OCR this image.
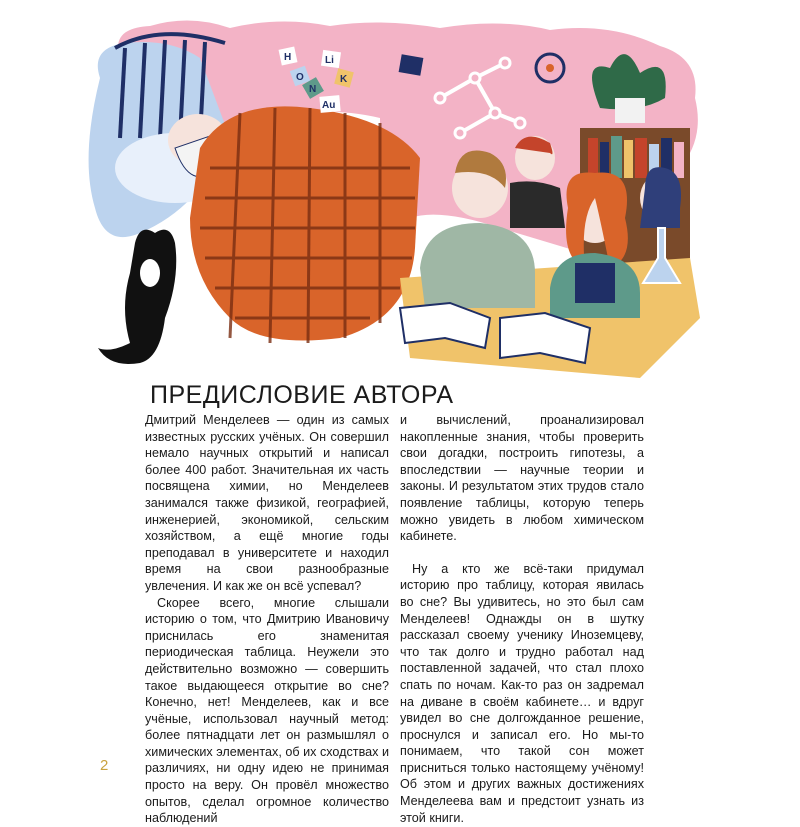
H	Li
O	K
N
Au
ПРЕДИСЛОВИЕ АВТОРА

Дмитрий Менделеев — один из самых известных русских учёных. Он совершил немало научных открытий и написал более 400 работ. Значительная их часть посвящена химии, но Менделеев занимался также физикой, географией, инженерией, экономикой, сельским хозяйством, а ещё многие годы преподавал в университете и находил время на свои разнообразные увлечения. И как же он всё успевал?

Скорее всего, многие слышали историю о том, что Дмитрию Ивановичу приснилась его знаменитая периодическая таблица. Неужели это действительно возможно — совершить такое выдающееся открытие во сне? Конечно, нет! Менделеев, как и все учёные, использовал научный метод: более пятнадцати лет он размышлял о химических элементах, об их сходствах и различиях, ни одну идею не принимая просто на веру. Он провёл множество опытов, сделал огромное количество наблюдений

и вычислений, проанализировал накопленные знания, чтобы проверить свои догадки, построить гипотезы, а впоследствии — научные теории и законы. И результатом этих трудов стало появление таблицы, которую теперь можно увидеть в любом химическом кабинете.

Ну а кто же всё-таки придумал историю про таблицу, которая явилась во сне? Вы удивитесь, но это был сам Менделеев! Однажды он в шутку рассказал своему ученику Иноземцеву, что так долго и трудно работал над поставленной задачей, что стал плохо спать по ночам. Как-то раз он задремал на диване в своём кабинете… и вдруг увидел во сне долгожданное решение, проснулся и записал его. Но мы-то понимаем, что такой сон может присниться только настоящему учёному! Об этом и других важных достижениях Менделеева вам и предстоит узнать из этой книги.

2
